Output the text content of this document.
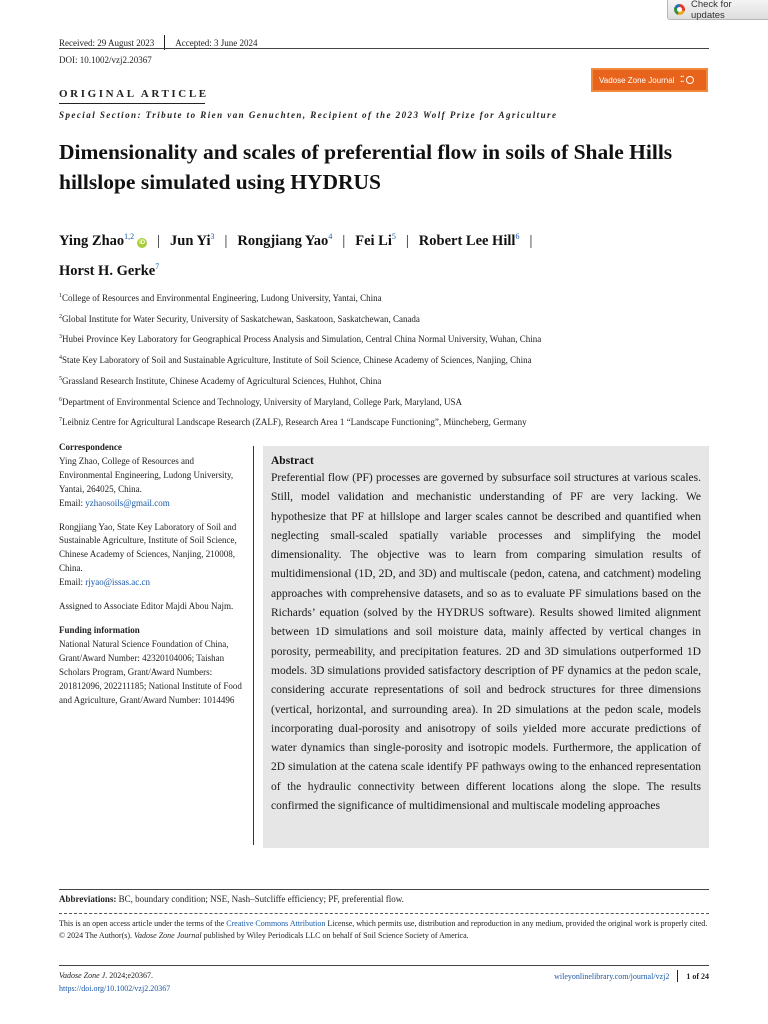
Check for updates
Received: 29 August 2023 Accepted: 3 June 2024
DOI: 10.1002/vzj2.20367
Vadose Zone Journal ▪▪
▪▪
ORIGINAL ARTICLE
Special Section: Tribute to Rien van Genuchten, Recipient of the 2023 Wolf Prize for Agriculture
Dimensionality and scales of preferential flow in soils of Shale Hills hillslope simulated using HYDRUS
Ying Zhao$^{1,2}$iD | Jun Yi$^3$ | Rongjiang Yao$^4$ | Fei Li$^5$ | Robert Lee Hill$^6$ |
Horst H. Gerke$^7$
$^1$College of Resources and Environmental Engineering, Ludong University, Yantai, China
$^2$Global Institute for Water Security, University of Saskatchewan, Saskatoon, Saskatchewan, Canada
$^3$Hubei Province Key Laboratory for Geographical Process Analysis and Simulation, Central China Normal University, Wuhan, China
$^4$State Key Laboratory of Soil and Sustainable Agriculture, Institute of Soil Science, Chinese Academy of Sciences, Nanjing, China
$^5$Grassland Research Institute, Chinese Academy of Agricultural Sciences, Huhhot, China
$^6$Department of Environmental Science and Technology, University of Maryland, College Park, Maryland, USA
$^7$Leibniz Centre for Agricultural Landscape Research (ZALF), Research Area 1 “Landscape Functioning”, Müncheberg, Germany
Correspondence
Ying Zhao, College of Resources and Environmental Engineering, Ludong University, Yantai, 264025, China.
Email: yzhaosoils@gmail.com
Rongjiang Yao, State Key Laboratory of Soil and Sustainable Agriculture, Institute of Soil Science, Chinese Academy of Sciences, Nanjing, 210008, China.
Email: rjyao@issas.ac.cn
Assigned to Associate Editor Majdi Abou Najm.
Funding information
National Natural Science Foundation of China, Grant/Award Number: 42320104006; Taishan Scholars Program, Grant/Award Numbers: 201812096, 202211185; National Institute of Food and Agriculture, Grant/Award Number: 1014496
Abstract
Preferential flow (PF) processes are governed by subsurface soil structures at various scales. Still, model validation and mechanistic understanding of PF are very lacking. We hypothesize that PF at hillslope and larger scales cannot be described and quantified when neglecting small-scaled spatially variable processes and simplifying the model dimensionality. The objective was to learn from comparing simulation results of multidimensional (1D, 2D, and 3D) and multiscale (pedon, catena, and catchment) modeling approaches with comprehensive datasets, and so as to evaluate PF simulations based on the Richards’ equation (solved by the HYDRUS software). Results showed limited alignment between 1D simulations and soil moisture data, mainly affected by vertical changes in porosity, permeability, and precipitation features. 2D and 3D simulations outperformed 1D models. 3D simulations provided satisfactory description of PF dynamics at the pedon scale, considering accurate representations of soil and bedrock structures for three dimensions (vertical, horizontal, and surrounding area). In 2D simulations at the pedon scale, models incorporating dual-porosity and anisotropy of soils yielded more accurate predictions of water dynamics than single-porosity and isotropic models. Furthermore, the application of 2D simulation at the catena scale identify PF pathways owing to the enhanced representation of the hydraulic connectivity between different locations along the slope. The results confirmed the significance of multidimensional and multiscale modeling approaches
Abbreviations: BC, boundary condition; NSE, Nash–Sutcliffe efficiency; PF, preferential flow.
This is an open access article under the terms of the Creative Commons Attribution License, which permits use, distribution and reproduction in any medium, provided the original work is properly cited.
© 2024 The Author(s). Vadose Zone Journal published by Wiley Periodicals LLC on behalf of Soil Science Society of America.
Vadose Zone J. 2024;e20367.
https://doi.org/10.1002/vzj2.20367
wileyonlinelibrary.com/journal/vzj2 1 of 24
